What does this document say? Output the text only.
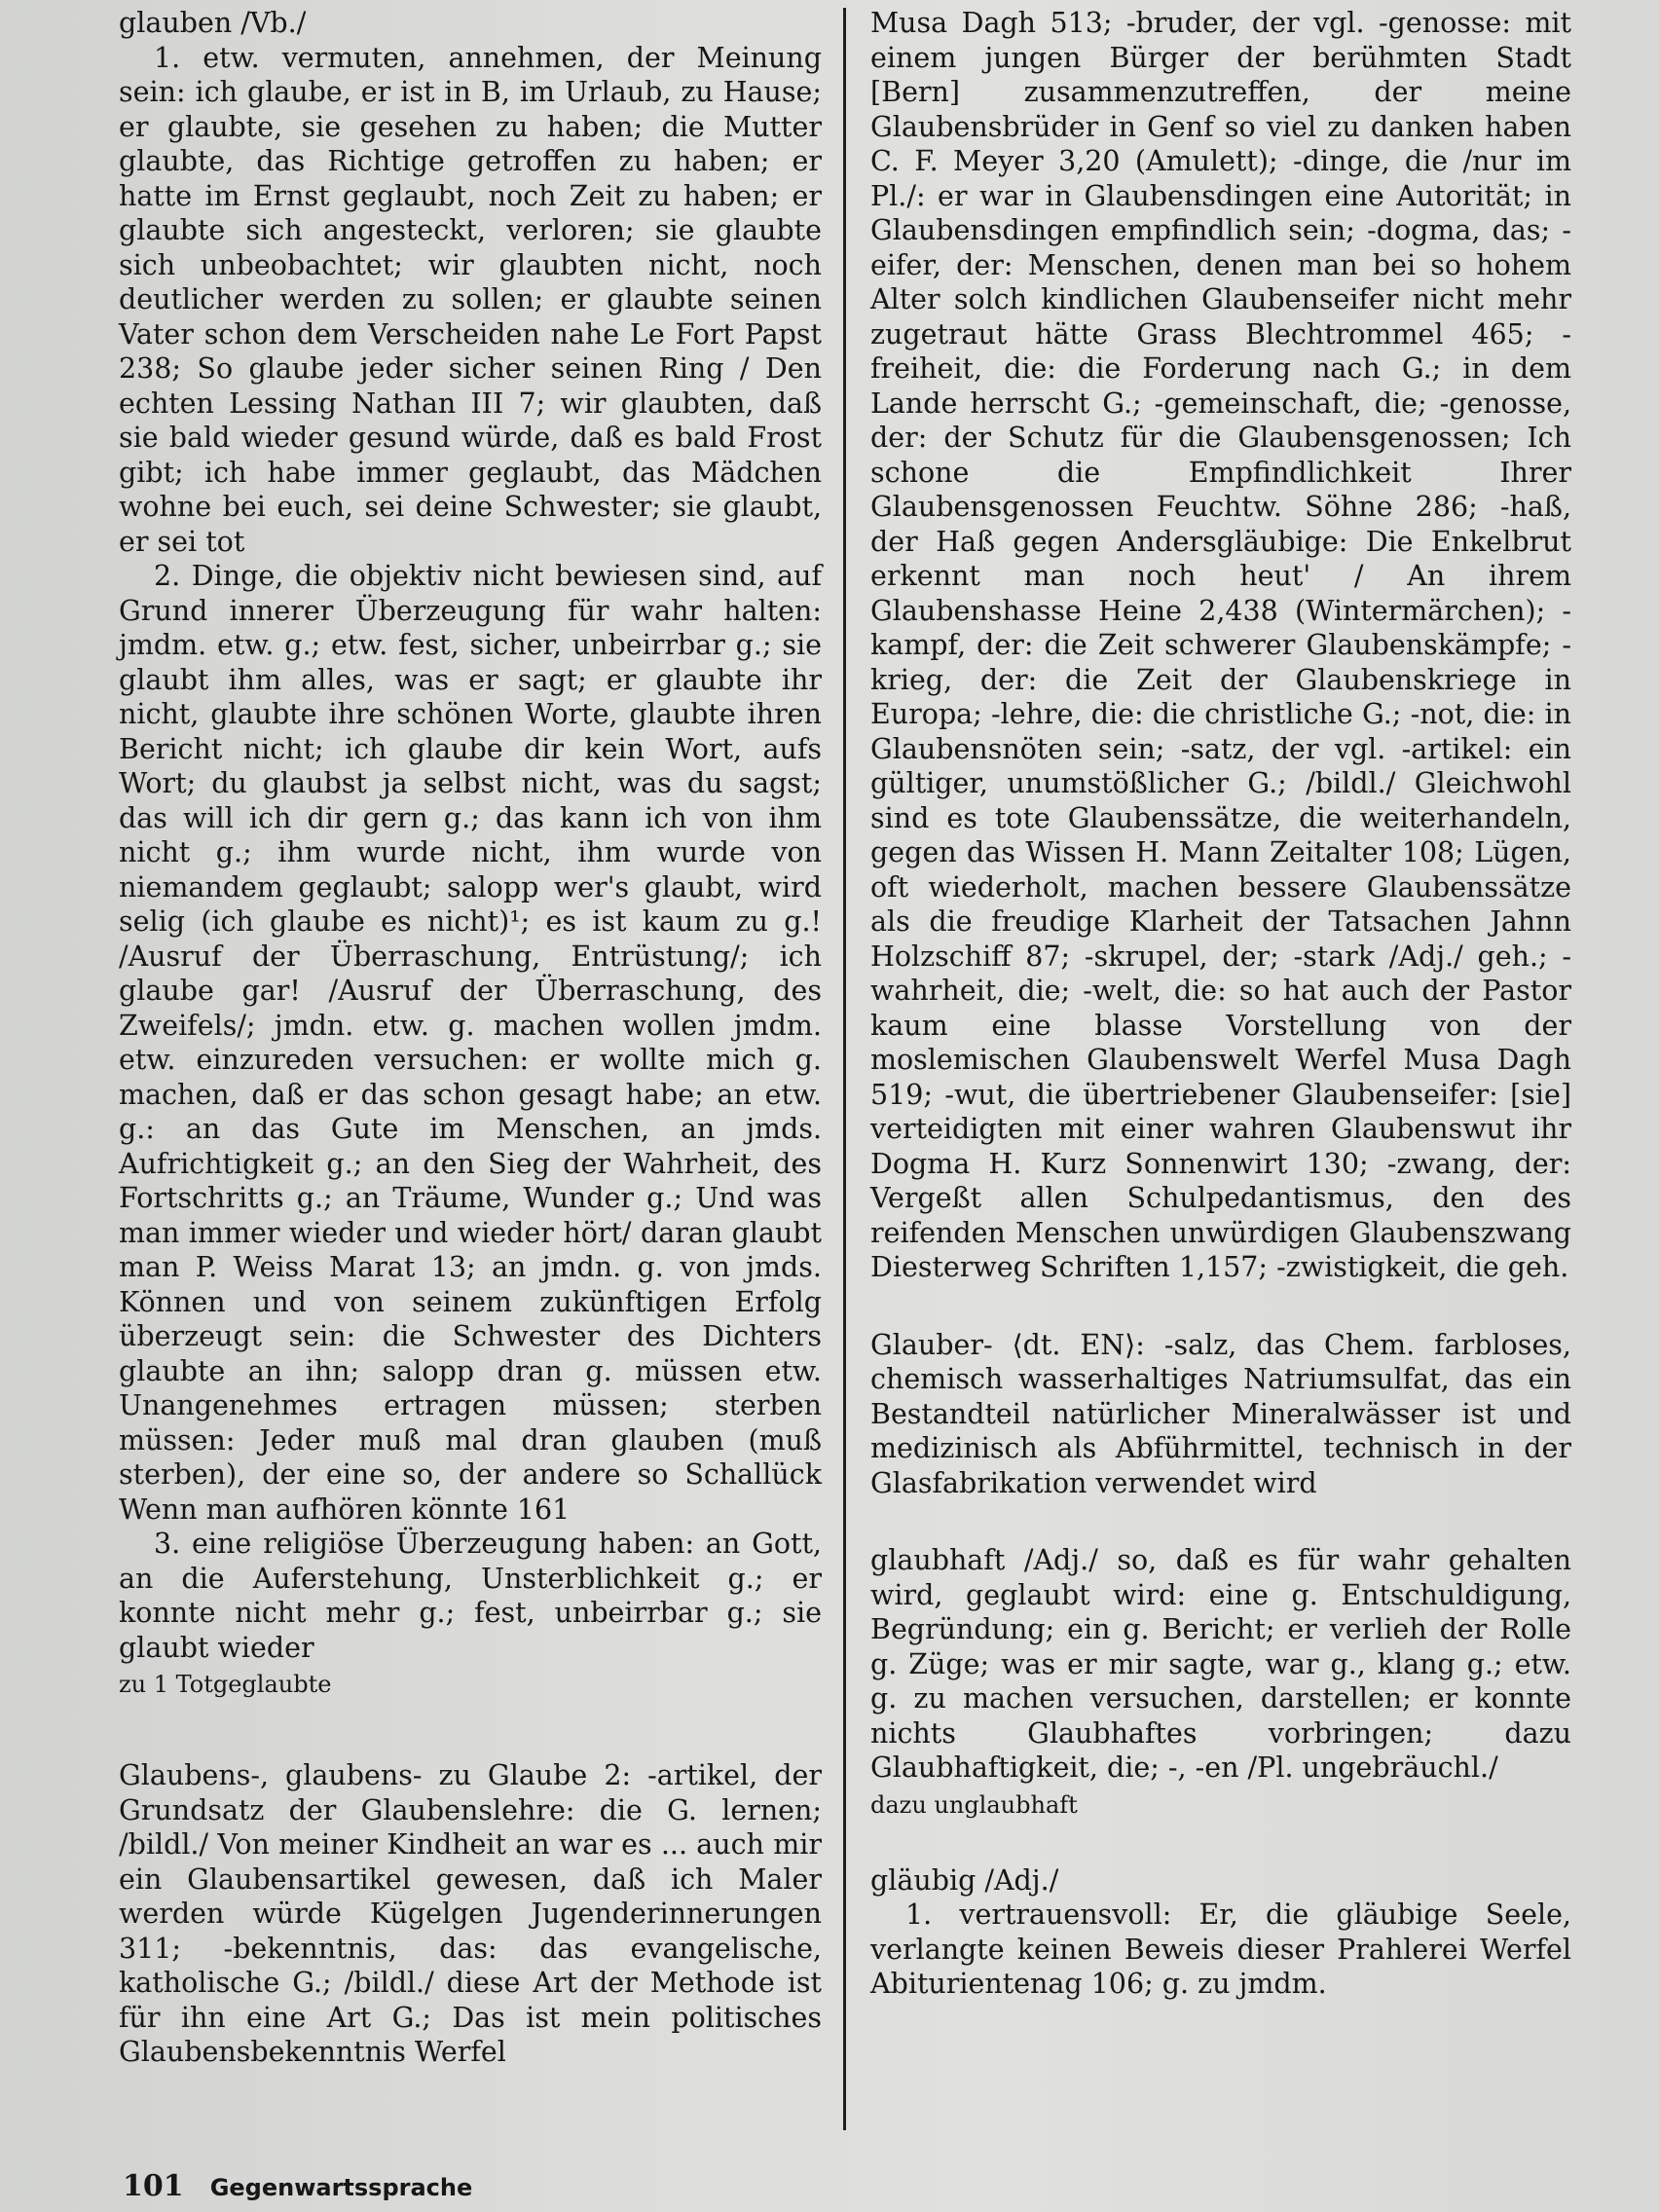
glauben /Vb./

1. etw. vermuten, annehmen, der Meinung sein: ich glaube, er ist in B, im Urlaub, zu Hause; er glaubte, sie gesehen zu haben; die Mutter glaubte, das Richtige getroffen zu haben; er hatte im Ernst geglaubt, noch Zeit zu haben; er glaubte sich angesteckt, verloren; sie glaubte sich unbeobachtet; wir glaubten nicht, noch deutlicher werden zu sollen; er glaubte seinen Vater schon dem Verscheiden nahe Le Fort Papst 238; So glaube jeder sicher seinen Ring / Den echten Lessing Nathan III 7; wir glaubten, daß sie bald wieder gesund würde, daß es bald Frost gibt; ich habe immer geglaubt, das Mädchen wohne bei euch, sei deine Schwester; sie glaubt, er sei tot

2. Dinge, die objektiv nicht bewiesen sind, auf Grund innerer Überzeugung für wahr halten: jmdm. etw. g.; etw. fest, sicher, unbeirrbar g.; sie glaubt ihm alles, was er sagt; er glaubte ihr nicht, glaubte ihre schönen Worte, glaubte ihren Bericht nicht; ich glaube dir kein Wort, aufs Wort; du glaubst ja selbst nicht, was du sagst; das will ich dir gern g.; das kann ich von ihm nicht g.; ihm wurde nicht, ihm wurde von niemandem geglaubt; salopp wer's glaubt, wird selig (ich glaube es nicht)¹; es ist kaum zu g.! /Ausruf der Überraschung, Entrüstung/; ich glaube gar! /Ausruf der Überraschung, des Zweifels/; jmdn. etw. g. machen wollen jmdm. etw. einzureden versuchen: er wollte mich g. machen, daß er das schon gesagt habe; an etw. g.: an das Gute im Menschen, an jmds. Aufrichtigkeit g.; an den Sieg der Wahrheit, des Fortschritts g.; an Träume, Wunder g.; Und was man immer wieder und wieder hört/ daran glaubt man P. Weiss Marat 13; an jmdn. g. von jmds. Können und von seinem zukünftigen Erfolg überzeugt sein: die Schwester des Dichters glaubte an ihn; salopp dran g. müssen etw. Unangenehmes ertragen müssen; sterben müssen: Jeder muß mal dran glauben (muß sterben), der eine so, der andere so Schallück Wenn man aufhören könnte 161

3. eine religiöse Überzeugung haben: an Gott, an die Auferstehung, Unsterblichkeit g.; er konnte nicht mehr g.; fest, unbeirrbar g.; sie glaubt wieder

zu 1 Totgeglaubte

Glaubens-, glaubens- zu Glaube 2: -artikel, der Grundsatz der Glaubenslehre: die G. lernen; /bildl./ Von meiner Kindheit an war es ... auch mir ein Glaubensartikel gewesen, daß ich Maler werden würde Kügelgen Jugenderinnerungen 311; -bekenntnis, das: das evangelische, katholische G.; /bildl./ diese Art der Methode ist für ihn eine Art G.; Das ist mein politisches Glaubensbekenntnis Werfel

Musa Dagh 513; -bruder, der vgl. -genosse: mit einem jungen Bürger der berühmten Stadt [Bern] zusammenzutreffen, der meine Glaubensbrüder in Genf so viel zu danken haben C. F. Meyer 3,20 (Amulett); -dinge, die /nur im Pl./: er war in Glaubensdingen eine Autorität; in Glaubensdingen empfindlich sein; -dogma, das; -eifer, der: Menschen, denen man bei so hohem Alter solch kindlichen Glaubenseifer nicht mehr zugetraut hätte Grass Blechtrommel 465; -freiheit, die: die Forderung nach G.; in dem Lande herrscht G.; -gemeinschaft, die; -genosse, der: der Schutz für die Glaubensgenossen; Ich schone die Empfindlichkeit Ihrer Glaubensgenossen Feuchtw. Söhne 286; -haß, der Haß gegen Andersgläubige: Die Enkelbrut erkennt man noch heut' / An ihrem Glaubenshasse Heine 2,438 (Wintermärchen); -kampf, der: die Zeit schwerer Glaubenskämpfe; -krieg, der: die Zeit der Glaubenskriege in Europa; -lehre, die: die christliche G.; -not, die: in Glaubensnöten sein; -satz, der vgl. -artikel: ein gültiger, unumstößlicher G.; /bildl./ Gleichwohl sind es tote Glaubenssätze, die weiterhandeln, gegen das Wissen H. Mann Zeitalter 108; Lügen, oft wiederholt, machen bessere Glaubenssätze als die freudige Klarheit der Tatsachen Jahnn Holzschiff 87; -skrupel, der; -stark /Adj./ geh.; -wahrheit, die; -welt, die: so hat auch der Pastor kaum eine blasse Vorstellung von der moslemischen Glaubenswelt Werfel Musa Dagh 519; -wut, die übertriebener Glaubenseifer: [sie] verteidigten mit einer wahren Glaubenswut ihr Dogma H. Kurz Sonnenwirt 130; -zwang, der: Vergeßt allen Schulpedantismus, den des reifenden Menschen unwürdigen Glaubenszwang Diesterweg Schriften 1,157; -zwistigkeit, die geh.

Glauber- ⟨dt. EN⟩: -salz, das Chem. farbloses, chemisch wasserhaltiges Natriumsulfat, das ein Bestandteil natürlicher Mineralwässer ist und medizinisch als Abführmittel, technisch in der Glasfabrikation verwendet wird

glaubhaft /Adj./ so, daß es für wahr gehalten wird, geglaubt wird: eine g. Entschuldigung, Begründung; ein g. Bericht; er verlieh der Rolle g. Züge; was er mir sagte, war g., klang g.; etw. g. zu machen versuchen, darstellen; er konnte nichts Glaubhaftes vorbringen; dazu Glaubhaftigkeit, die; -, -en /Pl. ungebräuchl./

dazu unglaubhaft

gläubig /Adj./

1. vertrauensvoll: Er, die gläubige Seele, verlangte keinen Beweis dieser Prahlerei Werfel Abiturientenag 106; g. zu jmdm.

101 Gegenwartssprache
